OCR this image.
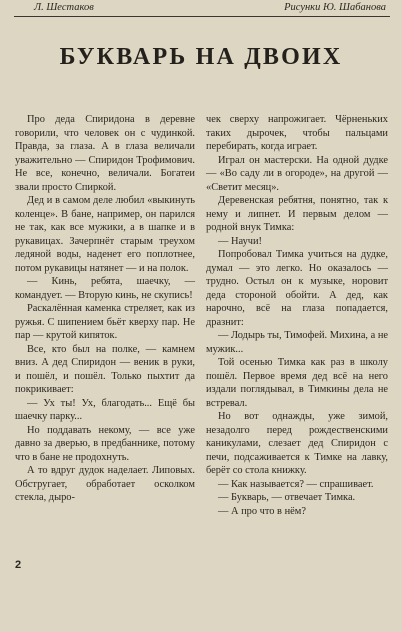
Л. Шестаков	Рисунки Ю. Шабанова
БУКВАРЬ НА ДВОИХ

Про деда Спиридона в деревне говорили, что человек он с чудинкой. Правда, за глаза. А в глаза величали уважительно — Спиридон Трофимович. Не все, конечно, величали. Богатеи звали просто Спиркой.

Дед и в самом деле любил «выкинуть коленце». В бане, например, он парился не так, как все мужики, а в шапке и в рукавицах. Зачерпнёт старым треухом ледяной воды, наденет его поплотнее, потом рукавицы натянет — и на полок.

— Кинь, ребята, шаечку, — командует. — Вторую кинь, не скупись!

Раскалённая каменка стреляет, как из ружья. С шипением бьёт кверху пар. Не пар — крутой кипяток.

Все, кто был на полке, — камнем вниз. А дед Спиридон — веник в руки, и пошёл, и пошёл. Только пыхтит да покрикивает:

— Ух ты! Ух, благодать... Ещё бы шаечку парку...

Но поддавать некому, — все уже давно за дверью, в предбаннике, потому что в бане не продохнуть.

А то вдруг дудок наделает. Липовых. Обстругает, обработает осколком стекла, дыро-

чек сверху напрожигает. Чёрненьких таких дырочек, чтобы пальцами перебирать, когда играет.

Играл он мастерски. На одной дудке — «Во саду ли в огороде», на другой — «Светит месяц».

Деревенская ребятня, понятно, так к нему и липнет. И первым делом — родной внук Тимка:

— Научи!

Попробовал Тимка учиться на дудке, думал — это легко. Но оказалось — трудно. Остыл он к музыке, норовит деда стороной обойти. А дед, как нарочно, всё на глаза попадается, дразнит:

— Лодырь ты, Тимофей. Михина, а не мужик...

Той осенью Тимка как раз в школу пошёл. Первое время дед всё на него издали поглядывал, в Тимкины дела не встревал.

Но вот однажды, уже зимой, незадолго перед рождественскими каникулами, слезает дед Спиридон с печи, подсаживается к Тимке на лавку, берёт со стола книжку.

— Как называется? — спрашивает.

— Букварь, — отвечает Тимка.

— А про что в нём?

2
